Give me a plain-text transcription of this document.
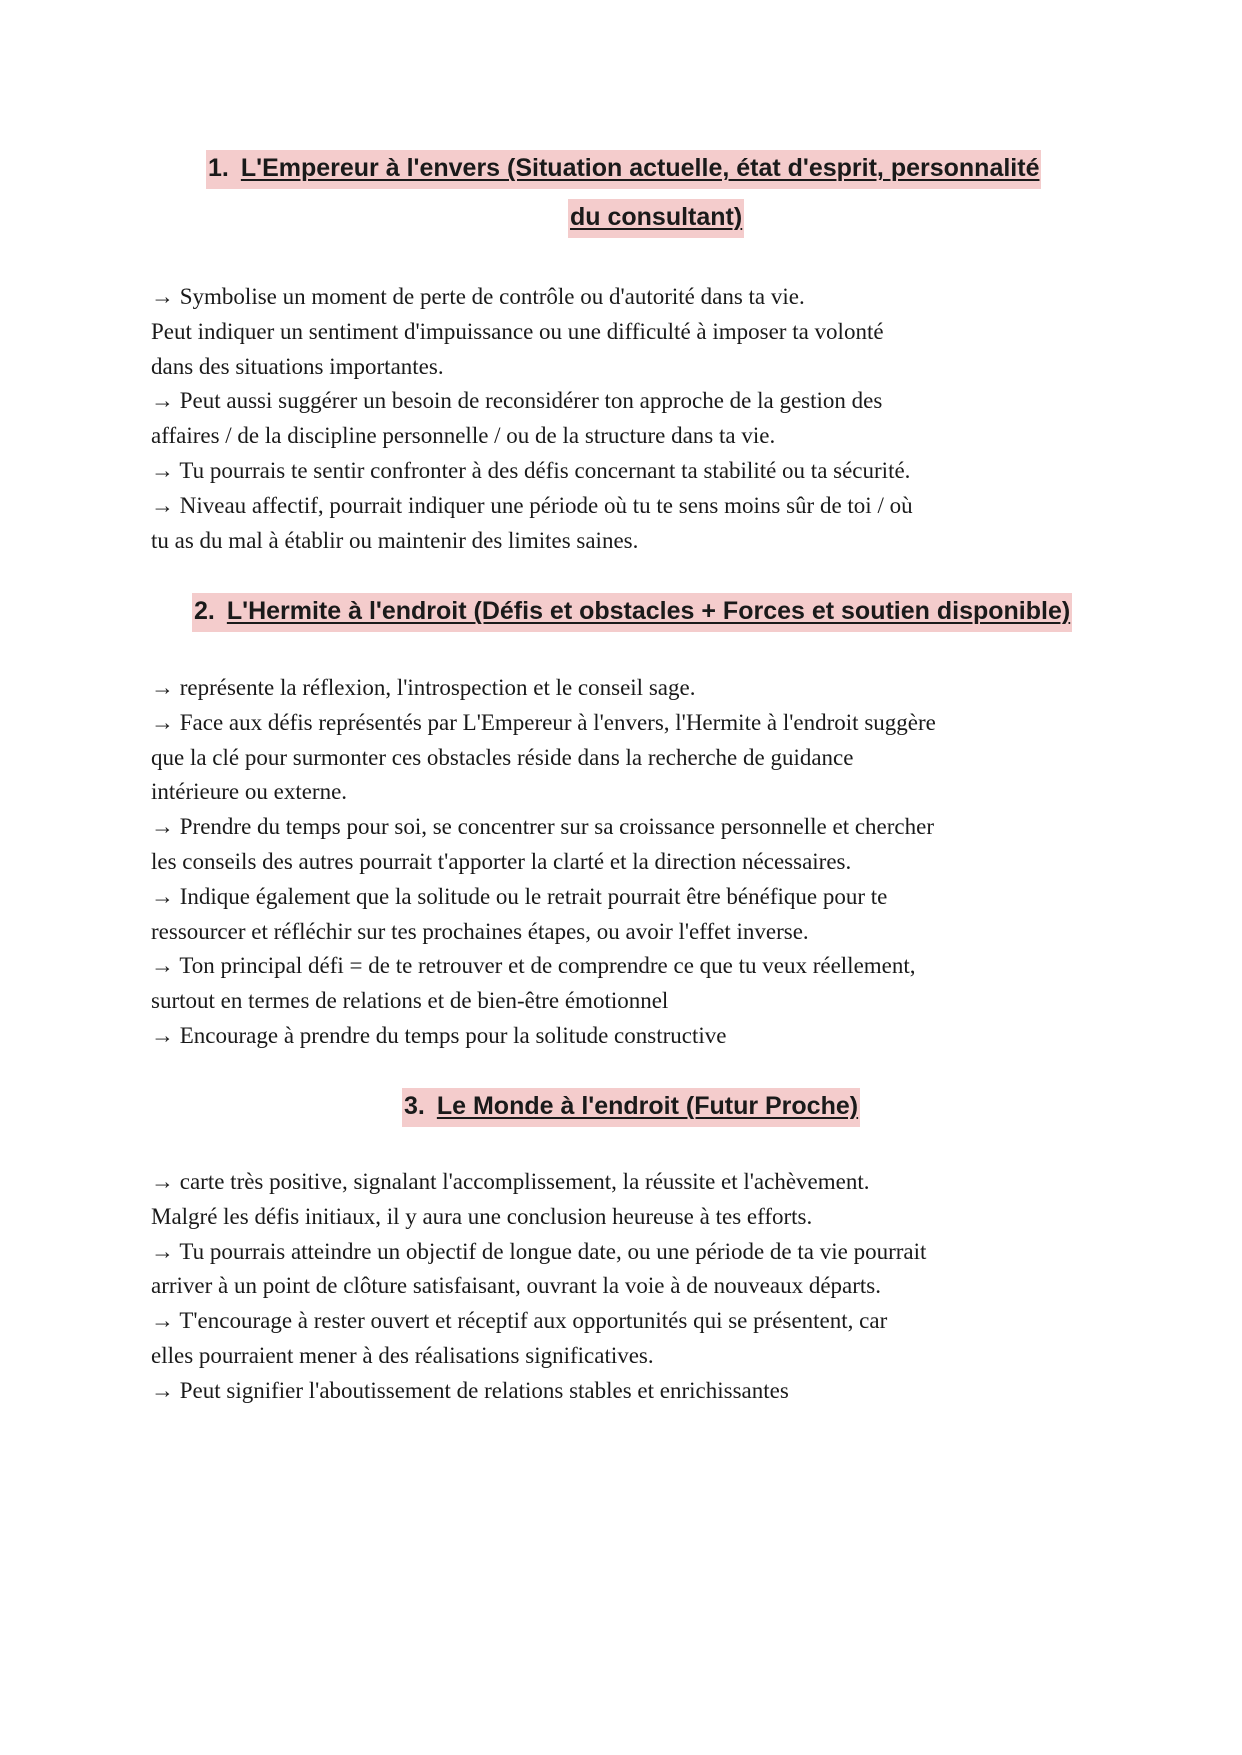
1. L'Empereur à l'envers (Situation actuelle, état d'esprit, personnalité
du consultant)
→ Symbolise un moment de perte de contrôle ou d'autorité dans ta vie.
Peut indiquer un sentiment d'impuissance ou une difficulté à imposer ta volonté
dans des situations importantes.
→ Peut aussi suggérer un besoin de reconsidérer ton approche de la gestion des
affaires / de la discipline personnelle / ou de la structure dans ta vie.
→ Tu pourrais te sentir confronter à des défis concernant ta stabilité ou ta sécurité.
→ Niveau affectif, pourrait indiquer une période où tu te sens moins sûr de toi / où
tu as du mal à établir ou maintenir des limites saines.
2. L'Hermite à l'endroit (Défis et obstacles + Forces et soutien disponible)
→ représente la réflexion, l'introspection et le conseil sage.
→ Face aux défis représentés par L'Empereur à l'envers, l'Hermite à l'endroit suggère
que la clé pour surmonter ces obstacles réside dans la recherche de guidance
intérieure ou externe.
→ Prendre du temps pour soi, se concentrer sur sa croissance personnelle et chercher
les conseils des autres pourrait t'apporter la clarté et la direction nécessaires.
→ Indique également que la solitude ou le retrait pourrait être bénéfique pour te
ressourcer et réfléchir sur tes prochaines étapes, ou avoir l'effet inverse.
→ Ton principal défi = de te retrouver et de comprendre ce que tu veux réellement,
surtout en termes de relations et de bien-être émotionnel
→ Encourage à prendre du temps pour la solitude constructive
3. Le Monde à l'endroit (Futur Proche)
→ carte très positive, signalant l'accomplissement, la réussite et l'achèvement.
Malgré les défis initiaux, il y aura une conclusion heureuse à tes efforts.
→ Tu pourrais atteindre un objectif de longue date, ou une période de ta vie pourrait
arriver à un point de clôture satisfaisant, ouvrant la voie à de nouveaux départs.
→ T'encourage à rester ouvert et réceptif aux opportunités qui se présentent, car
elles pourraient mener à des réalisations significatives.
→ Peut signifier l'aboutissement de relations stables et enrichissantes
